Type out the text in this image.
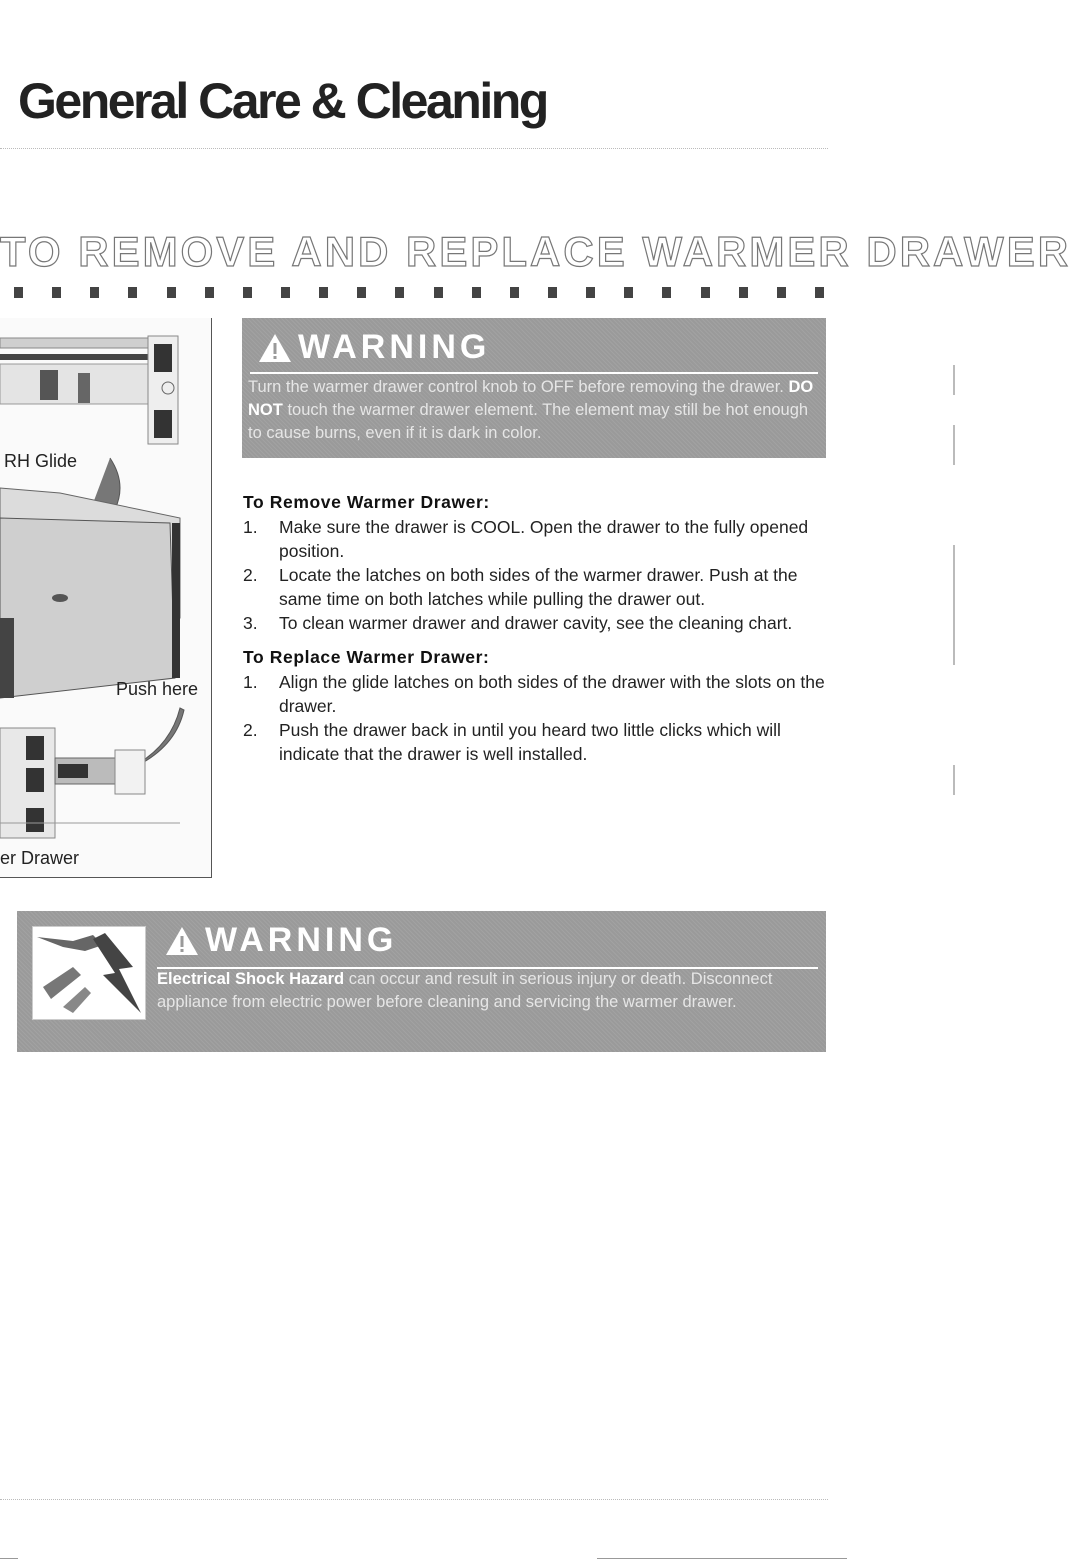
General Care & Cleaning
TO REMOVE AND REPLACE WARMER DRAWER
RH Glide
Push here
er Drawer
WARNING
Turn the warmer drawer control knob to OFF before removing the drawer. DO NOT touch the warmer drawer element. The element may still be hot enough to cause burns, even if it is dark in color.
To Remove Warmer Drawer:
1.	Make sure the drawer is COOL. Open the drawer to the fully opened position.
2.	Locate the latches on both sides of the warmer drawer. Push at the same time on both latches while pulling the drawer out.
3.	To clean warmer drawer and drawer cavity, see the cleaning chart.
To Replace Warmer Drawer:
1.	Align the glide latches on both sides of the drawer with the slots on the drawer.
2.	Push the drawer back in until you heard two little clicks which will indicate that the drawer is well installed.
WARNING
Electrical Shock Hazard can occur and result in serious injury or death. Disconnect appliance from electric power before cleaning and servicing the warmer drawer.
